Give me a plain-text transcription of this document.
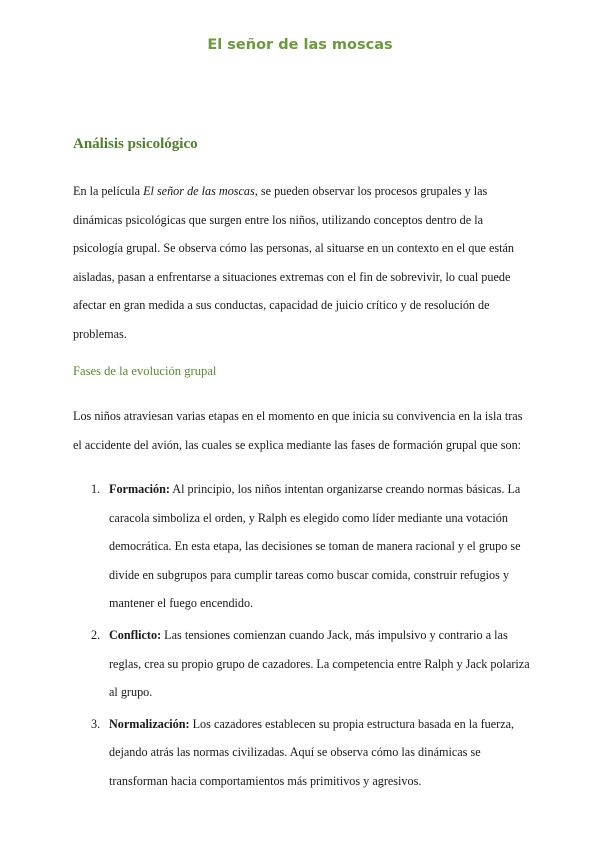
El señor de las moscas
Análisis psicológico

En la película El señor de las moscas, se pueden observar los procesos grupales y las dinámicas psicológicas que surgen entre los niños, utilizando conceptos dentro de la psicología grupal. Se observa cómo las personas, al situarse en un contexto en el que están aisladas, pasan a enfrentarse a situaciones extremas con el fin de sobrevivir, lo cual puede afectar en gran medida a sus conductas, capacidad de juicio crítico y de resolución de problemas.

Fases de la evolución grupal

Los niños atraviesan varias etapas en el momento en que inicia su convivencia en la isla tras el accidente del avión, las cuales se explica mediante las fases de formación grupal que son:

1. Formación: Al principio, los niños intentan organizarse creando normas básicas. La caracola simboliza el orden, y Ralph es elegido como líder mediante una votación democrática. En esta etapa, las decisiones se toman de manera racional y el grupo se divide en subgrupos para cumplir tareas como buscar comida, construir refugios y mantener el fuego encendido.
2. Conflicto: Las tensiones comienzan cuando Jack, más impulsivo y contrario a las reglas, crea su propio grupo de cazadores. La competencia entre Ralph y Jack polariza al grupo.
3. Normalización: Los cazadores establecen su propia estructura basada en la fuerza, dejando atrás las normas civilizadas. Aquí se observa cómo las dinámicas se transforman hacia comportamientos más primitivos y agresivos.
